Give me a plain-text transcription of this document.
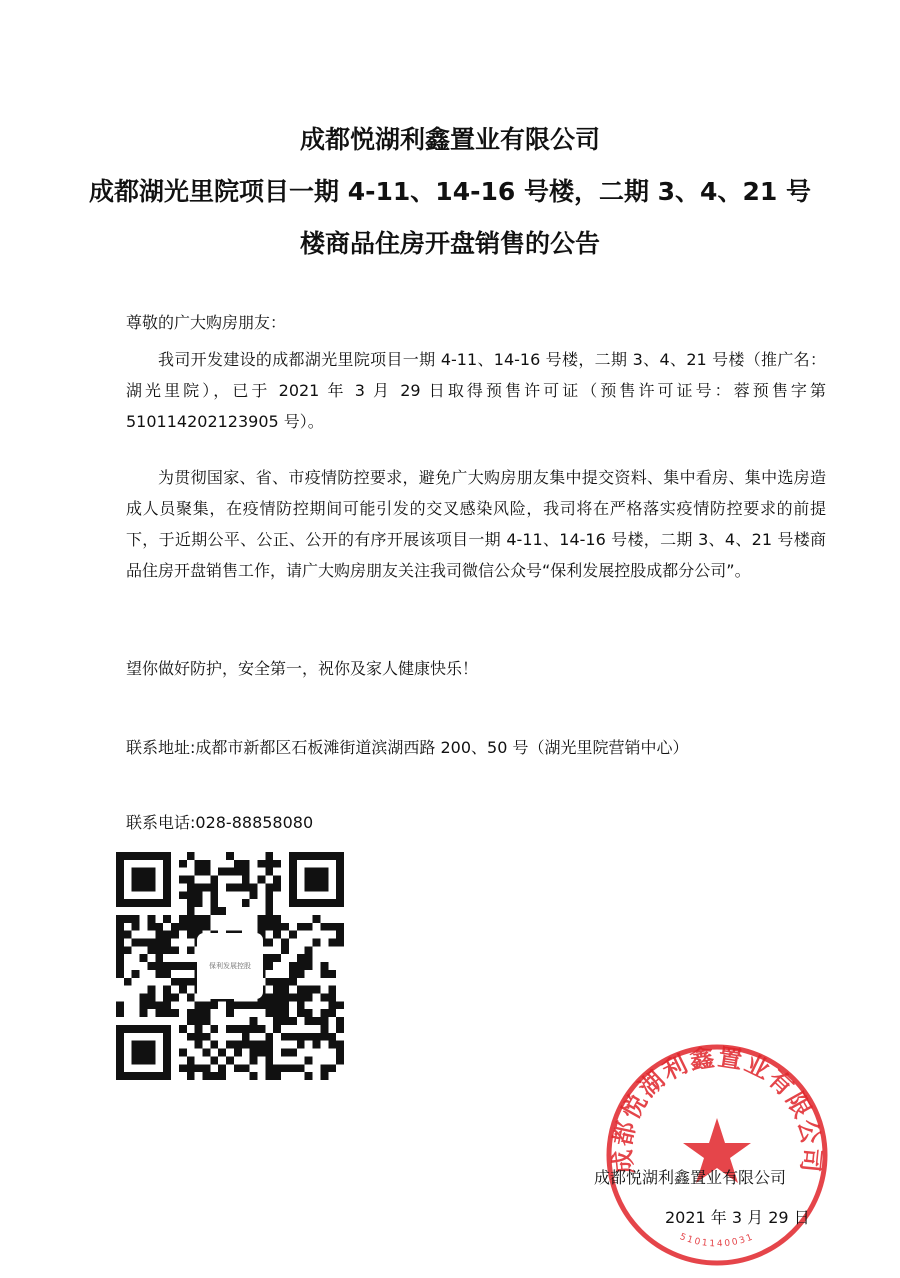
成都悦湖利鑫置业有限公司
成都湖光里院项目一期 4-11、14-16 号楼，二期 3、4、21 号
楼商品住房开盘销售的公告
尊敬的广大购房朋友：
我司开发建设的成都湖光里院项目一期 4-11、14-16 号楼，二期 3、4、21 号楼（推广名：湖光里院），已于 2021 年 3 月 29 日取得预售许可证（预售许可证号：蓉预售字第 510114202123905 号）。
为贯彻国家、省、市疫情防控要求，避免广大购房朋友集中提交资料、集中看房、集中选房造成人员聚集，在疫情防控期间可能引发的交叉感染风险，我司将在严格落实疫情防控要求的前提下，于近期公平、公正、公开的有序开展该项目一期 4-11、14-16 号楼，二期 3、4、21 号楼商品住房开盘销售工作，请广大购房朋友关注我司微信公众号“保利发展控股成都分公司”。
望你做好防护，安全第一，祝你及家人健康快乐！
联系地址:成都市新都区石板滩街道滨湖西路 200、50 号（湖光里院营销中心）
联系电话:028-88858080
保利发展控股
成都悦湖利鑫置业有限公司
5101140031
成都悦湖利鑫置业有限公司
2021 年 3 月 29 日
